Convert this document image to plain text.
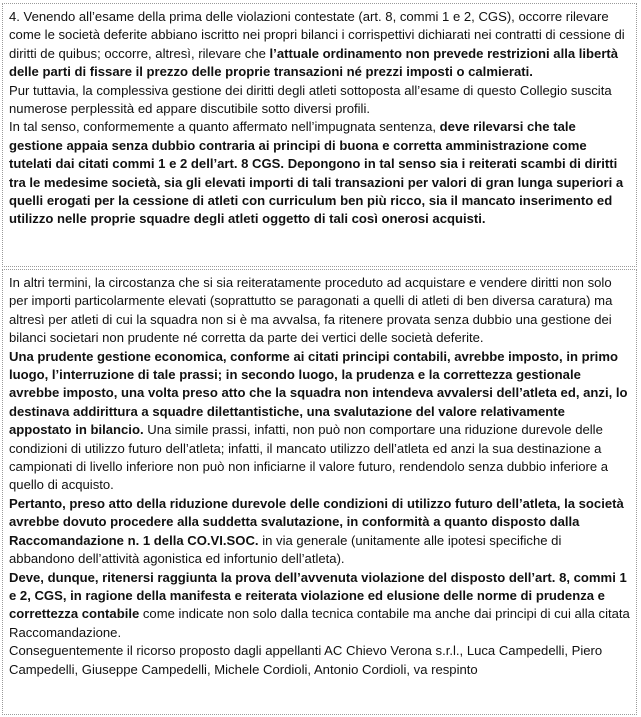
4. Venendo all’esame della prima delle violazioni contestate (art. 8, commi 1 e 2, CGS), occorre rilevare come le società deferite abbiano iscritto nei propri bilanci i corrispettivi dichiarati nei contratti di cessione di diritti de quibus; occorre, altresì, rilevare che l’attuale ordinamento non prevede restrizioni alla libertà delle parti di fissare il prezzo delle proprie transazioni né prezzi imposti o calmierati.

Pur tuttavia, la complessiva gestione dei diritti degli atleti sottoposta all’esame di questo Collegio suscita numerose perplessità ed appare discutibile sotto diversi profili.

In tal senso, conformemente a quanto affermato nell’impugnata sentenza, deve rilevarsi che tale gestione appaia senza dubbio contraria ai principi di buona e corretta amministrazione come tutelati dai citati commi 1 e 2 dell’art. 8 CGS. Depongono in tal senso sia i reiterati scambi di diritti tra le medesime società, sia gli elevati importi di tali transazioni per valori di gran lunga superiori a quelli erogati per la cessione di atleti con curriculum ben più ricco, sia il mancato inserimento ed utilizzo nelle proprie squadre degli atleti oggetto di tali così onerosi acquisti.

In altri termini, la circostanza che si sia reiteratamente proceduto ad acquistare e vendere diritti non solo per importi particolarmente elevati (soprattutto se paragonati a quelli di atleti di ben diversa caratura) ma altresì per atleti di cui la squadra non si è ma avvalsa, fa ritenere provata senza dubbio una gestione dei bilanci societari non prudente né corretta da parte dei vertici delle società deferite.

Una prudente gestione economica, conforme ai citati principi contabili, avrebbe imposto, in primo luogo, l’interruzione di tale prassi; in secondo luogo, la prudenza e la correttezza gestionale avrebbe imposto, una volta preso atto che la squadra non intendeva avvalersi dell’atleta ed, anzi, lo destinava addirittura a squadre dilettantistiche, una svalutazione del valore relativamente appostato in bilancio. Una simile prassi, infatti, non può non comportare una riduzione durevole delle condizioni di utilizzo futuro dell’atleta; infatti, il mancato utilizzo dell’atleta ed anzi la sua destinazione a campionati di livello inferiore non può non inficiarne il valore futuro, rendendolo senza dubbio inferiore a quello di acquisto.

Pertanto, preso atto della riduzione durevole delle condizioni di utilizzo futuro dell’atleta, la società avrebbe dovuto procedere alla suddetta svalutazione, in conformità a quanto disposto dalla Raccomandazione n. 1 della CO.VI.SOC. in via generale (unitamente alle ipotesi specifiche di abbandono dell’attività agonistica ed infortunio dell’atleta).

Deve, dunque, ritenersi raggiunta la prova dell’avvenuta violazione del disposto dell’art. 8, commi 1 e 2, CGS, in ragione della manifesta e reiterata violazione ed elusione delle norme di prudenza e correttezza contabile come indicate non solo dalla tecnica contabile ma anche dai principi di cui alla citata Raccomandazione.

Conseguentemente il ricorso proposto dagli appellanti AC Chievo Verona s.r.l., Luca Campedelli, Piero Campedelli, Giuseppe Campedelli, Michele Cordioli, Antonio Cordioli, va respinto
